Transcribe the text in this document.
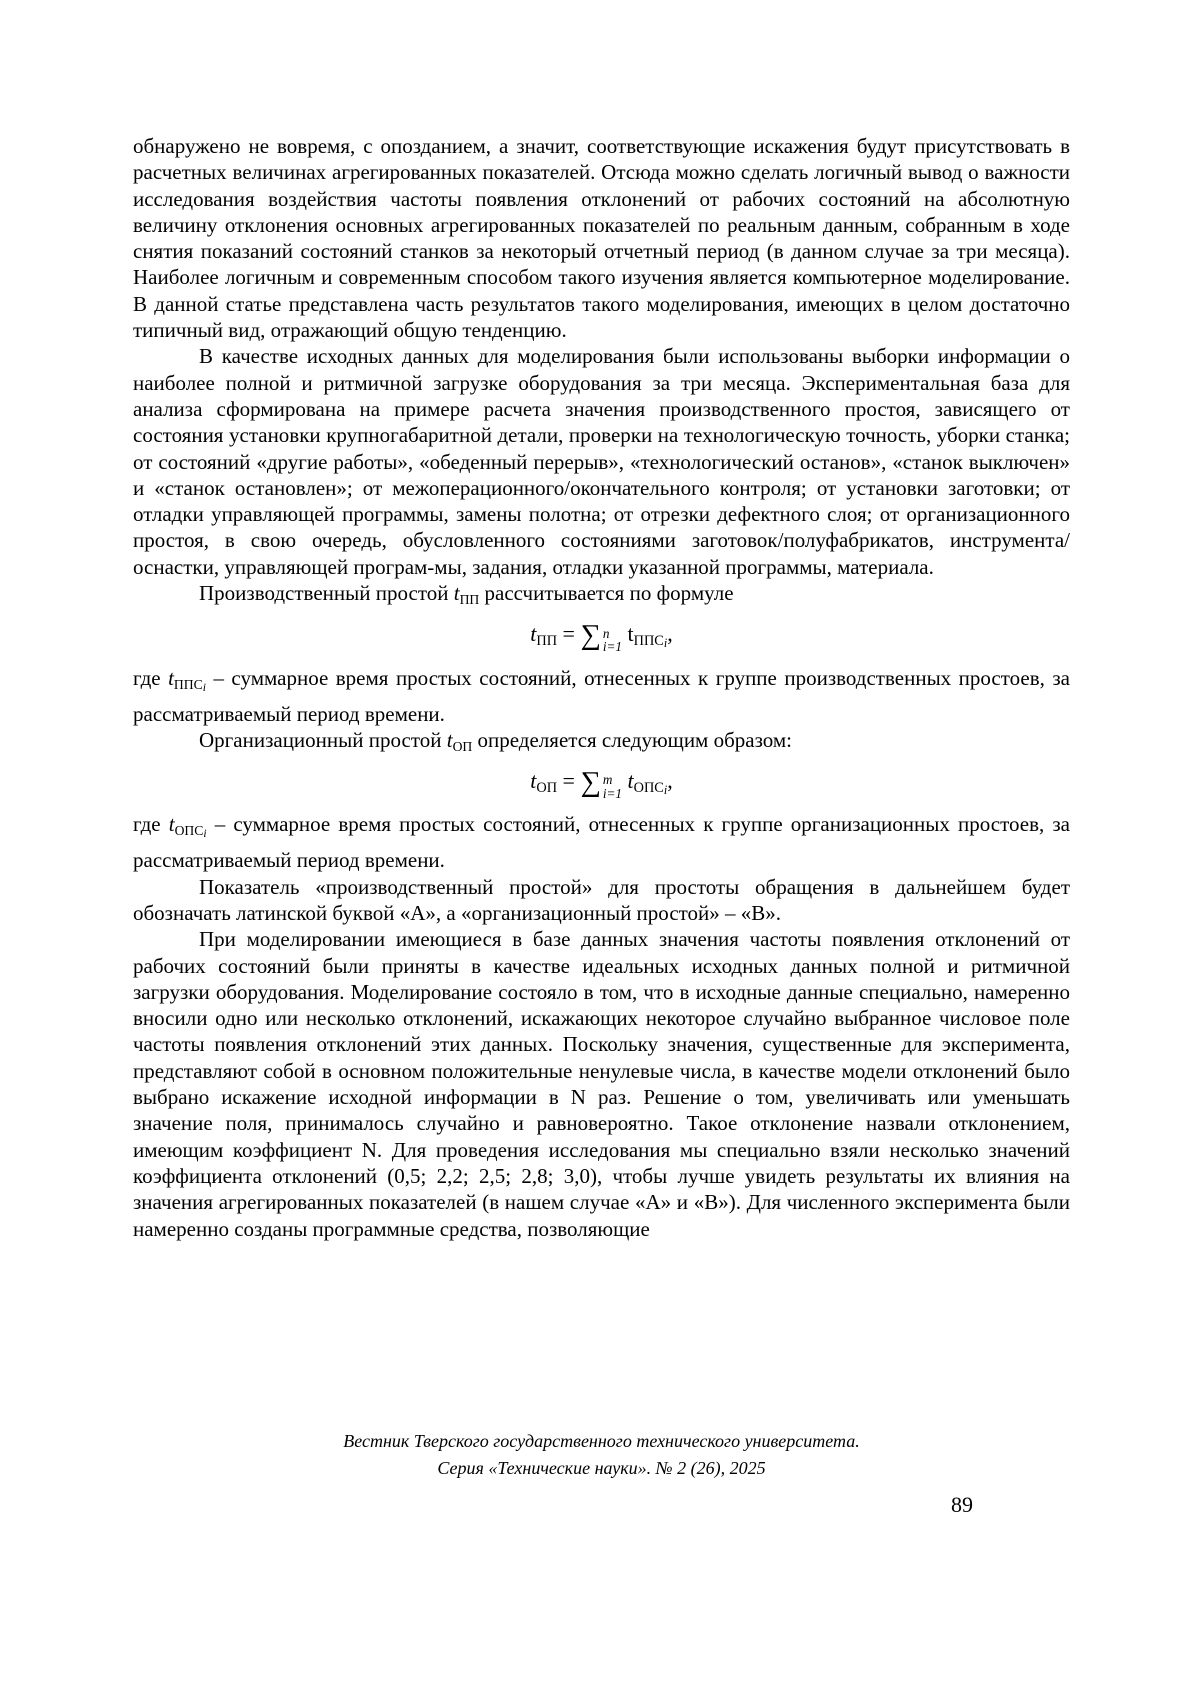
обнаружено не вовремя, с опозданием, а значит, соответствующие искажения будут присутствовать в расчетных величинах агрегированных показателей. Отсюда можно сделать логичный вывод о важности исследования воздействия частоты появления отклонений от рабочих состояний на абсолютную величину отклонения основных агрегированных показателей по реальным данным, собранным в ходе снятия показаний состояний станков за некоторый отчетный период (в данном случае за три месяца). Наиболее логичным и современным способом такого изучения является компьютерное моделирование. В данной статье представлена часть результатов такого моделирования, имеющих в целом достаточно типичный вид, отражающий общую тенденцию.
В качестве исходных данных для моделирования были использованы выборки информации о наиболее полной и ритмичной загрузке оборудования за три месяца. Экспериментальная база для анализа сформирована на примере расчета значения производственного простоя, зависящего от состояния установки крупногабаритной детали, проверки на технологическую точность, уборки станка; от состояний «другие работы», «обеденный перерыв», «технологический останов», «станок выключен» и «станок остановлен»; от межоперационного/окончательного контроля; от установки заготовки; от отладки управляющей программы, замены полотна; от отрезки дефектного слоя; от организационного простоя, в свою очередь, обусловленного состояниями заготовок/полуфабрикатов, инструмента/оснастки, управляющей програм-мы, задания, отладки указанной программы, материала.
Производственный простой $t_{ПП}$ рассчитывается по формуле
$t_{ПП}$ = ∑ n
i=1
$t_{ППСi}$,
где $t_{ППСi}$ – суммарное время простых состояний, отнесенных к группе производственных простоев, за рассматриваемый период времени.
Организационный простой $t_{ОП}$ определяется следующим образом:
$t_{ОП}$ = ∑ m
i=1
$t_{ОПСi}$,
где $t_{ОПСi}$ – суммарное время простых состояний, отнесенных к группе организационных простоев, за рассматриваемый период времени.
Показатель «производственный простой» для простоты обращения в дальнейшем будет обозначать латинской буквой «A», а «организационный простой» – «B».
При моделировании имеющиеся в базе данных значения частоты появления отклонений от рабочих состояний были приняты в качестве идеальных исходных данных полной и ритмичной загрузки оборудования. Моделирование состояло в том, что в исходные данные специально, намеренно вносили одно или несколько отклонений, искажающих некоторое случайно выбранное числовое поле частоты появления отклонений этих данных. Поскольку значения, существенные для эксперимента, представляют собой в основном положительные ненулевые числа, в качестве модели отклонений было выбрано искажение исходной информации в N раз. Решение о том, увеличивать или уменьшать значение поля, принималось случайно и равновероятно. Такое отклонение назвали отклонением, имеющим коэффициент N. Для проведения исследования мы специально взяли несколько значений коэффициента отклонений (0,5; 2,2; 2,5; 2,8; 3,0), чтобы лучше увидеть результаты их влияния на значения агрегированных показателей (в нашем случае «A» и «B»). Для численного эксперимента были намеренно созданы программные средства, позволяющие
Вестник Тверского государственного технического университета.
Серия «Технические науки». № 2 (26), 2025
89
